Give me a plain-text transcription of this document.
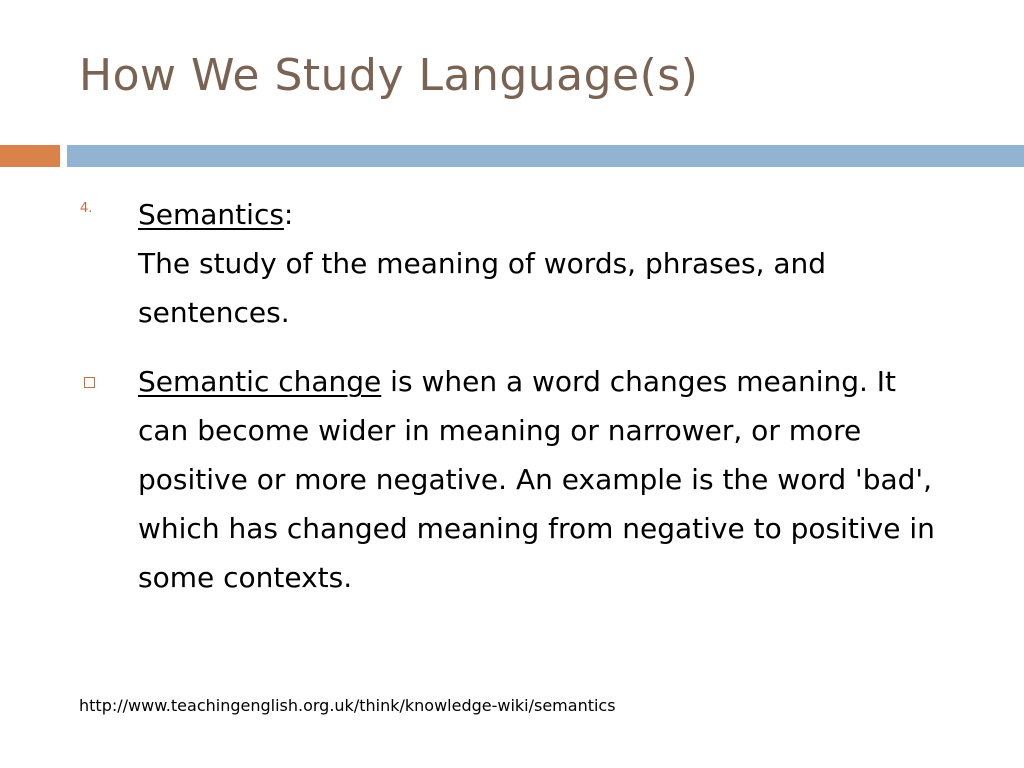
How We Study Language(s)
4. Semantics:
The study of the meaning of words, phrases, and sentences.
Semantic change is when a word changes meaning. It can become wider in meaning or narrower, or more positive or more negative. An example is the word 'bad', which has changed meaning from negative to positive in some contexts.
http://www.teachingenglish.org.uk/think/knowledge-wiki/semantics
